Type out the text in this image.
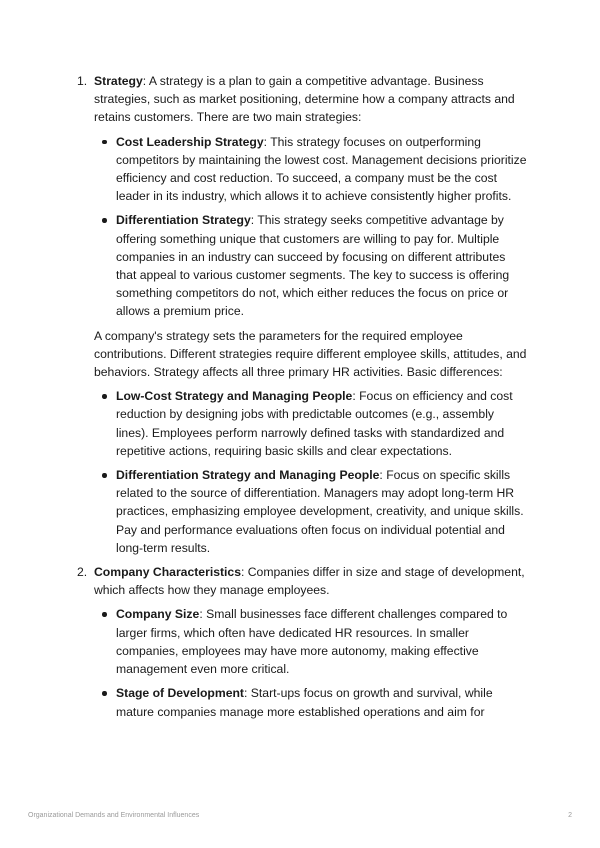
1. Strategy: A strategy is a plan to gain a competitive advantage. Business strategies, such as market positioning, determine how a company attracts and retains customers. There are two main strategies:
Cost Leadership Strategy: This strategy focuses on outperforming competitors by maintaining the lowest cost. Management decisions prioritize efficiency and cost reduction. To succeed, a company must be the cost leader in its industry, which allows it to achieve consistently higher profits.
Differentiation Strategy: This strategy seeks competitive advantage by offering something unique that customers are willing to pay for. Multiple companies in an industry can succeed by focusing on different attributes that appeal to various customer segments. The key to success is offering something competitors do not, which either reduces the focus on price or allows a premium price.

A company's strategy sets the parameters for the required employee contributions. Different strategies require different employee skills, attitudes, and behaviors. Strategy affects all three primary HR activities. Basic differences:

Low-Cost Strategy and Managing People: Focus on efficiency and cost reduction by designing jobs with predictable outcomes (e.g., assembly lines). Employees perform narrowly defined tasks with standardized and repetitive actions, requiring basic skills and clear expectations.
Differentiation Strategy and Managing People: Focus on specific skills related to the source of differentiation. Managers may adopt long-term HR practices, emphasizing employee development, creativity, and unique skills. Pay and performance evaluations often focus on individual potential and long-term results.
2. Company Characteristics: Companies differ in size and stage of development, which affects how they manage employees.
Company Size: Small businesses face different challenges compared to larger firms, which often have dedicated HR resources. In smaller companies, employees may have more autonomy, making effective management even more critical.
Stage of Development: Start-ups focus on growth and survival, while mature companies manage more established operations and aim for
Organizational Demands and Environmental Influences	2
